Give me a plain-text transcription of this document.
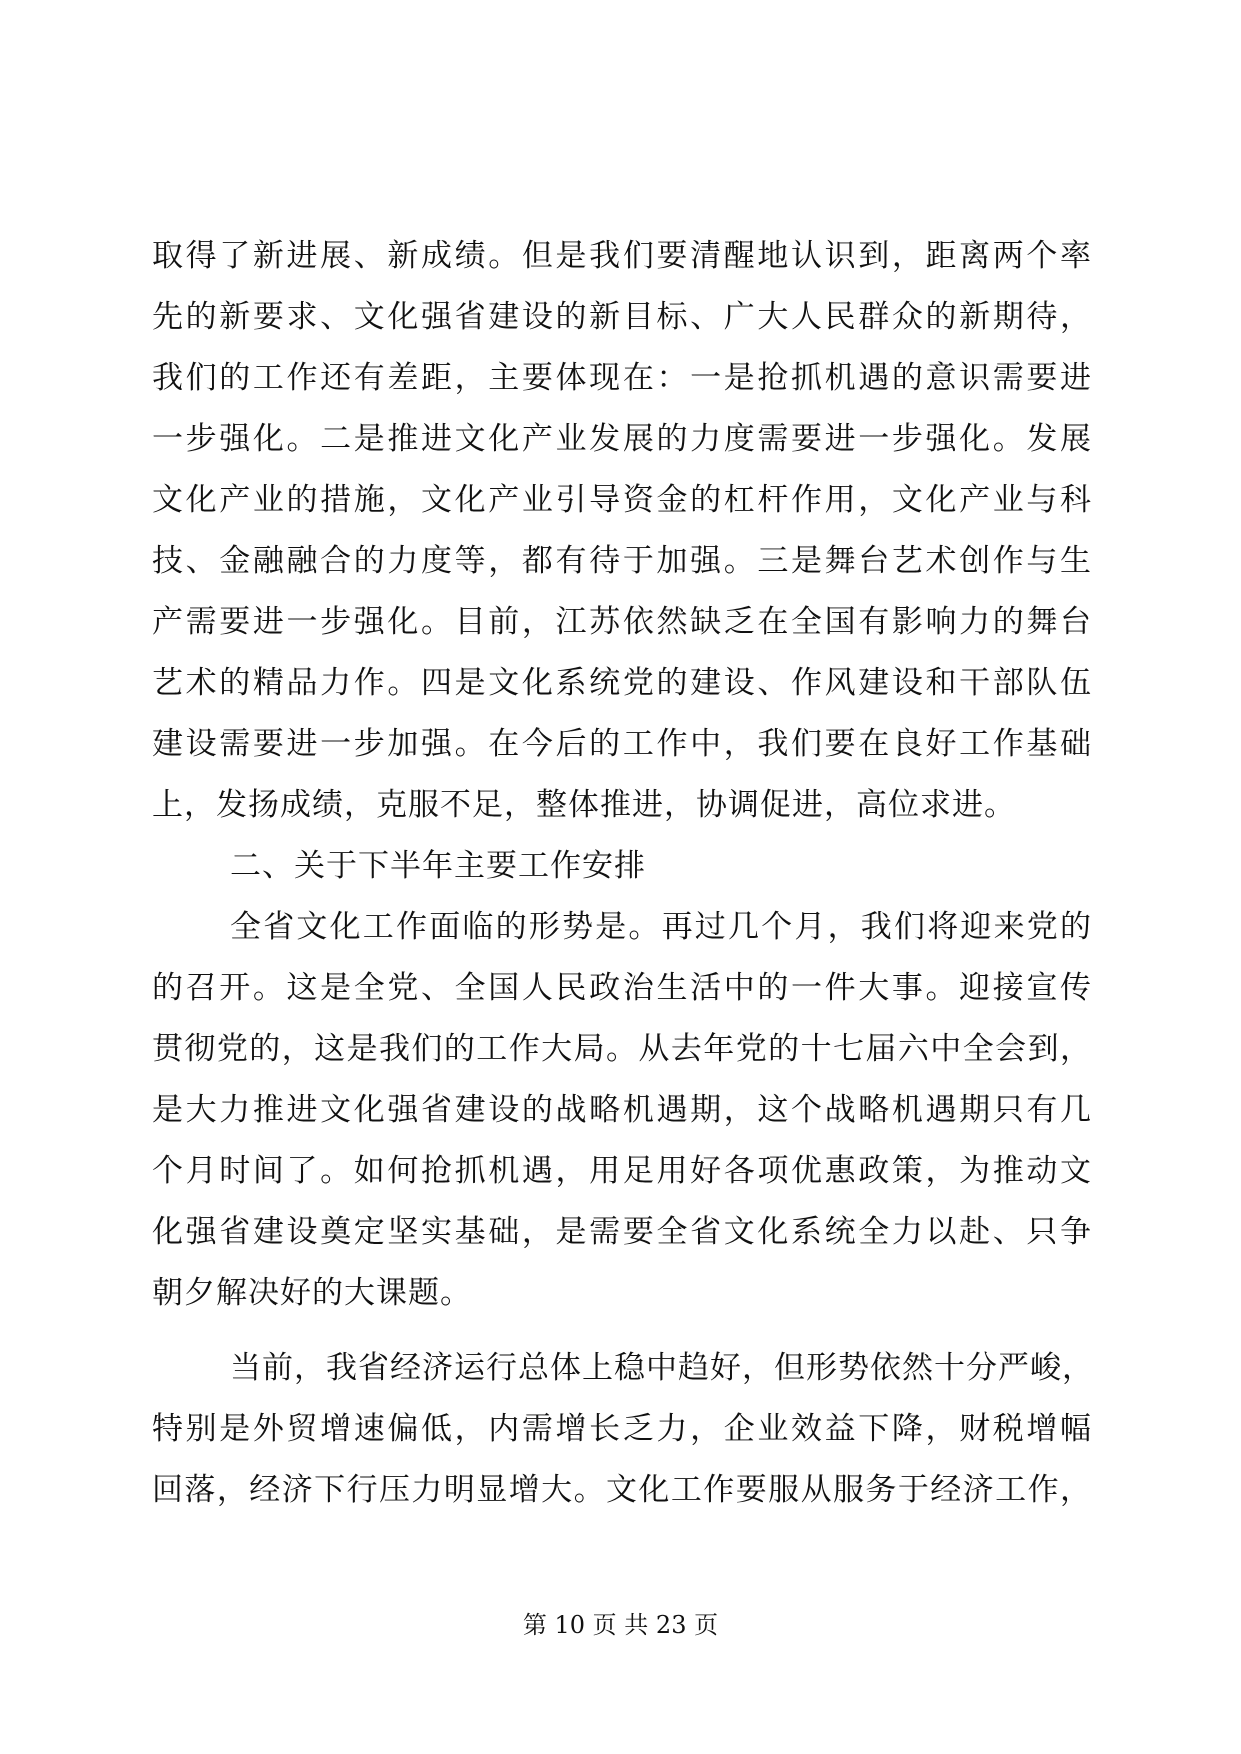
取得了新进展、新成绩。但是我们要清醒地认识到，距离两个率
先的新要求、文化强省建设的新目标、广大人民群众的新期待，
我们的工作还有差距，主要体现在：一是抢抓机遇的意识需要进
一步强化。二是推进文化产业发展的力度需要进一步强化。发展
文化产业的措施，文化产业引导资金的杠杆作用，文化产业与科
技、金融融合的力度等，都有待于加强。三是舞台艺术创作与生
产需要进一步强化。目前，江苏依然缺乏在全国有影响力的舞台
艺术的精品力作。四是文化系统党的建设、作风建设和干部队伍
建设需要进一步加强。在今后的工作中，我们要在良好工作基础
上，发扬成绩，克服不足，整体推进，协调促进，高位求进。
二、关于下半年主要工作安排
全省文化工作面临的形势是。再过几个月，我们将迎来党的
的召开。这是全党、全国人民政治生活中的一件大事。迎接宣传
贯彻党的，这是我们的工作大局。从去年党的十七届六中全会到，
是大力推进文化强省建设的战略机遇期，这个战略机遇期只有几
个月时间了。如何抢抓机遇，用足用好各项优惠政策，为推动文
化强省建设奠定坚实基础，是需要全省文化系统全力以赴、只争
朝夕解决好的大课题。
当前，我省经济运行总体上稳中趋好，但形势依然十分严峻，
特别是外贸增速偏低，内需增长乏力，企业效益下降，财税增幅
回落，经济下行压力明显增大。文化工作要服从服务于经济工作，
第 10 页 共 23 页
